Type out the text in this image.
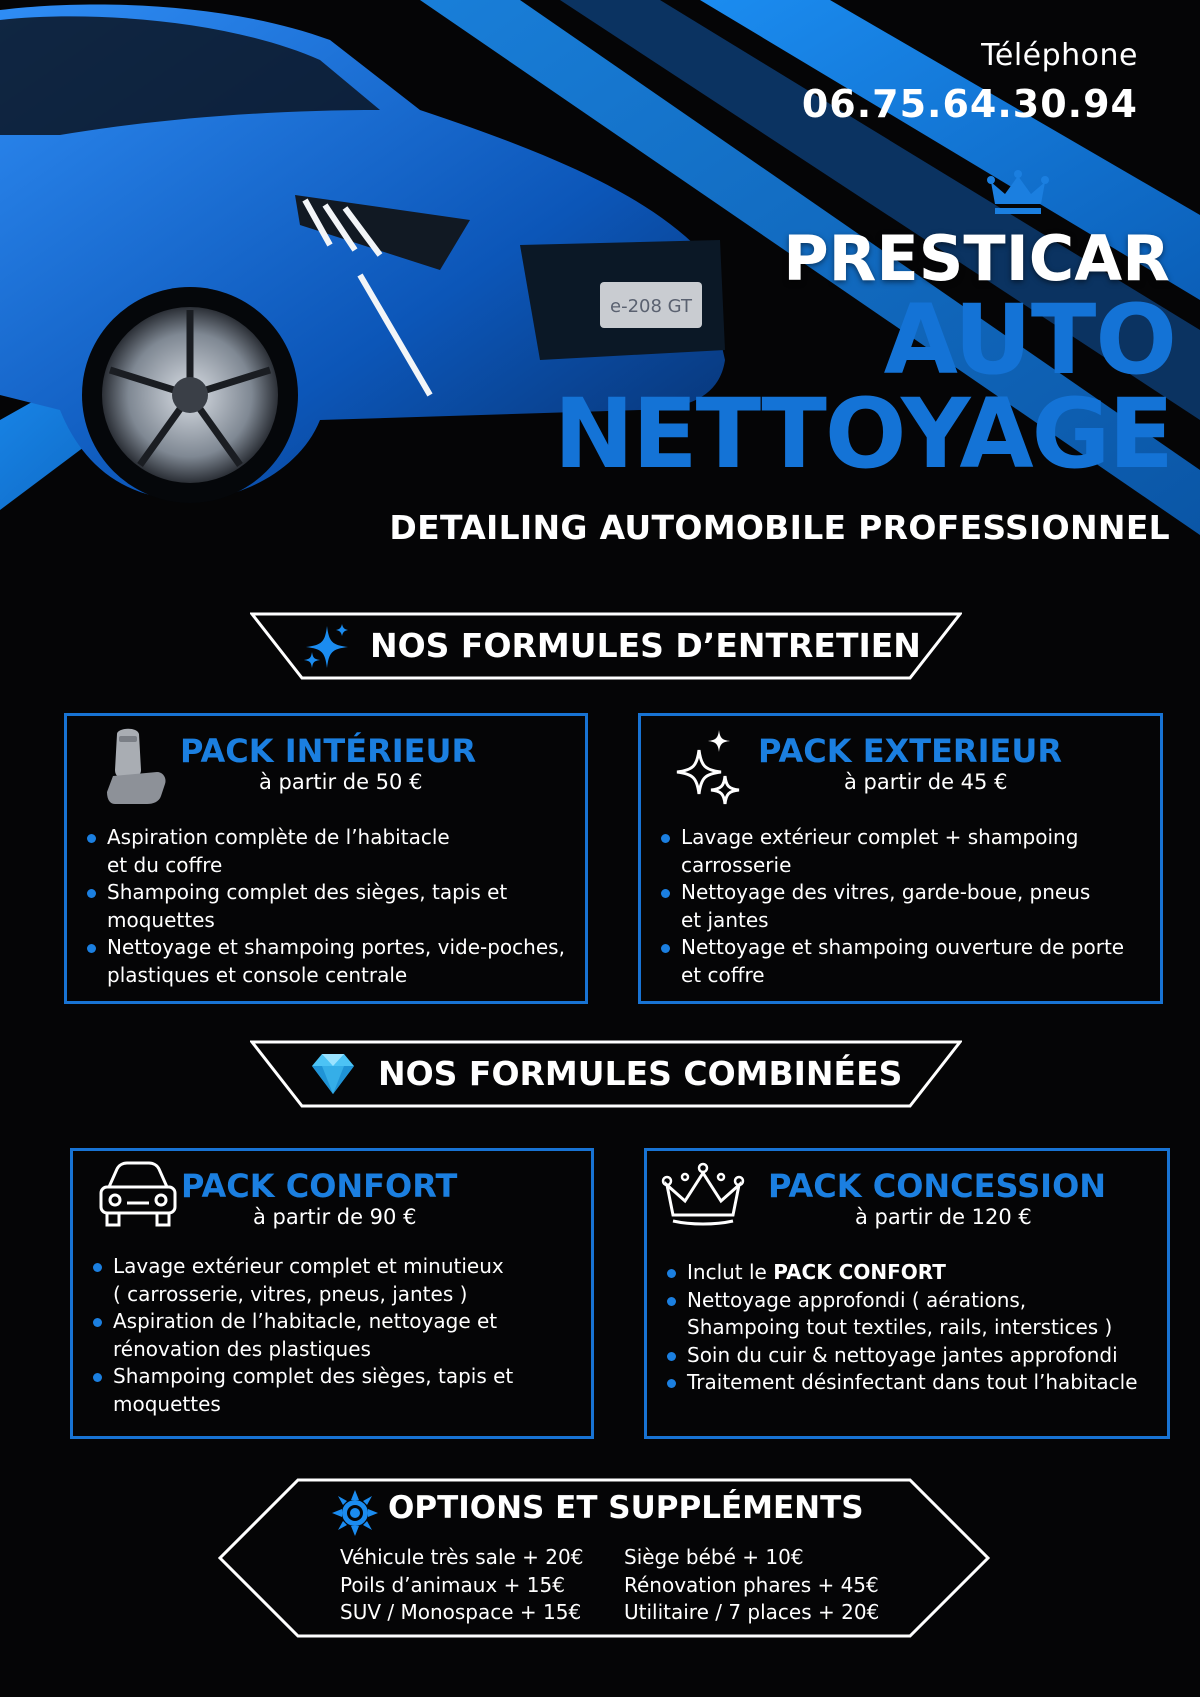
e-208 GT
Téléphone
06.75.64.30.94
PRESTICAR
AUTO
NETTOYAGE
DETAILING AUTOMOBILE PROFESSIONNEL
NOS FORMULES D’ENTRETIEN
PACK INTÉRIEUR
à partir de 50 €
Aspiration complète de l’habitacle
et du coffre
Shampoing complet des sièges, tapis et
moquettes
Nettoyage et shampoing portes, vide-poches,
plastiques et console centrale
PACK EXTERIEUR
à partir de 45 €
Lavage extérieur complet + shampoing
carrosserie
Nettoyage des vitres, garde-boue, pneus
et jantes
Nettoyage et shampoing ouverture de porte
et coffre
NOS FORMULES COMBINÉES
PACK CONFORT
à partir de 90 €
Lavage extérieur complet et minutieux
( carrosserie, vitres, pneus, jantes )
Aspiration de l’habitacle, nettoyage et
rénovation des plastiques
Shampoing complet des sièges, tapis et
moquettes
PACK CONCESSION
à partir de 120 €
Inclut le PACK CONFORT
Nettoyage approfondi ( aérations,
Shampoing tout textiles, rails, interstices )
Soin du cuir & nettoyage jantes approfondi
Traitement désinfectant dans tout l’habitacle
OPTIONS ET SUPPLÉMENTS
Véhicule très sale + 20€
Poils d’animaux + 15€
SUV / Monospace + 15€
Siège bébé + 10€
Rénovation phares + 45€
Utilitaire / 7 places + 20€
